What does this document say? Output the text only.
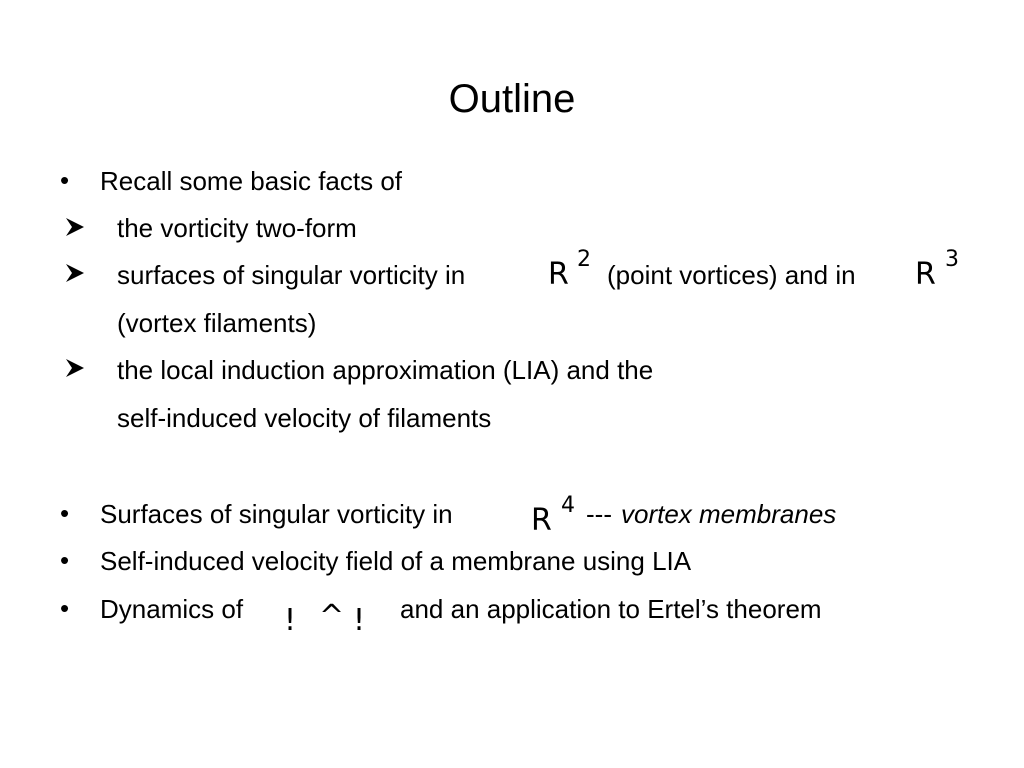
Outline
• Recall some basic facts of
the vorticity two-form
surfaces of singular vorticity in	R 2
(point vortices) and in R 3
(vortex filaments)
the local induction approximation (LIA) and the
self-induced velocity of filaments
• Surfaces of singular vorticity in	R 4 --- vortex membranes
• Self-induced velocity field of a membrane using LIA
• Dynamics of ! ^ ! and an application to Ertel’s theorem
